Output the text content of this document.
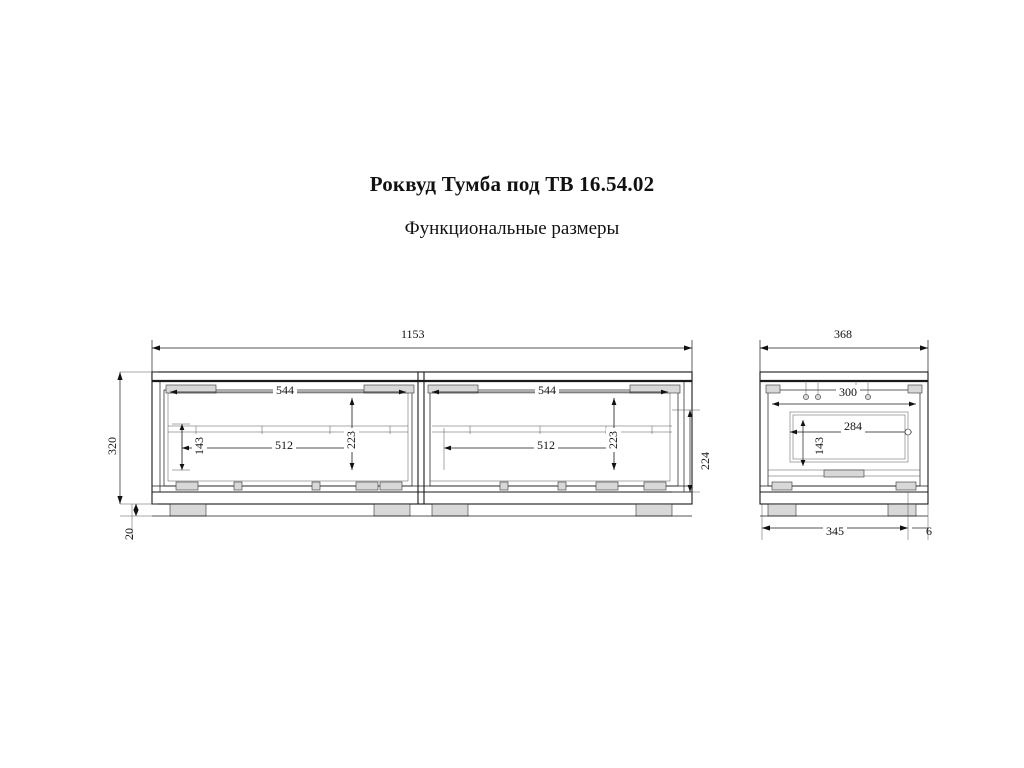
Роквуд Тумба под ТВ 16.54.02
Функциональные размеры
1153
544	544
512	512
320
20
223	223
143
224
368
300
284
143
345	6
